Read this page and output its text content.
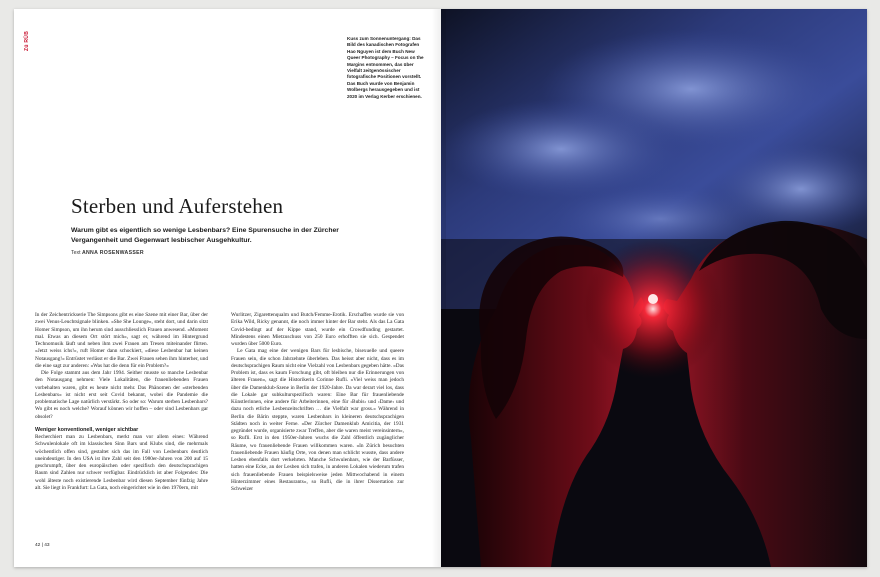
Zü RÜB	Kuss zum Sonnenuntergang: Das Bild des kanadischen Fotografen Hao Nguyen ist dem Buch New Queer Photography – Focus on the Margins entnommen, das über Vielfalt zeitgenössischer fotografische Positionen vorstellt. Das Buch wurde von Benjamin Wolbergs herausgegeben und ist 2020 im Verlag Kerber erschienen.
Sterben und Auferstehen
Warum gibt es eigentlich so wenige Lesbenbars? Eine Spurensuche in der Zürcher Vergangenheit und Gegenwart lesbischer Ausgehkultur.
Text ANNA ROSENWASSER

In der Zeichentrickserie The Simpsons gibt es eine Szene mit einer Bar, über der zwei Venus-Leuchtsignale blinken. «She She Lounge», steht dort, und darin sitzt Homer Simpson, um ihn herum sind ausschliesslich Frauen anwesend. «Moment mal. Etwas an diesem Ort stört mich», sagt er, während im Hintergrund Technomusik läuft und neben ihm zwei Frauen am Tresen miteinander flirten. «Jetzt weiss ichs!», ruft Homer dann schockiert, «diese Lesbenbar hat keinen Notausgang!» Entrüstet verlässt er die Bar. Zwei Frauen sehen ihm hinterher, und die eine sagt zur anderen: «Was hat die denn für ein Problem?»

Die Folge stammt aus dem Jahr 1994. Seither musste so manche Lesbenbar den Notausgang nehmen: Viele Lokalitäten, die frauenliebenden Frauen vorbehalten waren, gibt es heute nicht mehr. Das Phänomen der «sterbenden Lesbenbars» ist nicht erst seit Covid bekannt, wobei die Pandemie die problematische Lage natürlich verstärkt. So oder so: Warum sterben Lesbenbars? Wo gibt es noch welche? Worauf können wir hoffen – oder sind Lesbenbars gar obsolet?

Weniger konventionell, weniger sichtbar

Recherchiert man zu Lesbenbars, merkt man vor allem eines: Während Schwulenlokale oft im klassischen Sinn Bars und Klubs sind, die mehrmals wöchentlich offen sind, gestaltet sich das im Fall von Lesbenbars deutlich uneindeutiger. In den USA ist ihre Zahl seit den 1980er-Jahren von 200 auf 15 geschrumpft, über den europäischen oder spezifisch den deutschsprachigen Raum sind Zahlen nur schwer verfügbar. Eindrücklich ist aber Folgendes: Die wohl älteste noch existierende Lesbenbar wird diesen September fünfzig Jahre alt. Sie liegt in Frankfurt: La Gata, noch eingerichtet wie in den 1970ern, mit

Wurlitzer, Zigarettenqualm und Butch/Femme-Erotik. Erschaffen wurde sie von Erika Wild, Ricky genannt, die noch immer hinter der Bar steht. Als das La Gata Covid-bedingt auf der Kippe stand, wurde ein Crowdfunding gestartet. Mindestens einen Mietzuschuss von 250 Euro erhofften sie sich. Gespendet wurden über 5000 Euro.

Le Gata mag eine der wenigen Bars für lesbische, bisexuelle und queere Frauen sein, die schon Jahrzehnte überleben. Das heisst aber nicht, dass es im deutschsprachigen Raum nicht eine Vielzahl von Lesbenbars gegeben hätte. «Das Problem ist, dass es kaum Forschung gibt, oft bleiben nur die Erinnerungen von älteren Frauen», sagt die Historikerin Corinne Rufli. «Viel weiss man jedoch über die Damenklub-Szene in Berlin der 1920-Jahre. Da war derart viel los, dass die Lokale gar subkulturspezifisch waren: Eine Bar für frauenliebende Künstlerinnen, eine andere für Arbeiterinnen, eine für ‹Bubis› und ‹Dame› und dazu noch etliche Lesbenzeitschriften … die Vielfalt war gross.» Während in Berlin die Bärin steppte, waren Lesbenbars in kleineren deutschsprachigen Städten noch in weiter Ferne. «Der Zürcher Damenklub Amicitia, der 1931 gegründet wurde, organisierte zwar Treffen, aber die waren meist vereinsintern», so Rufli. Erst in den 1950er-Jahren wuchs die Zahl öffentlich zugänglicher Räume, wo frauenliebende Frauen willkommen waren. «In Zürich besuchten frauenliebende Frauen häufig Orte, von denen man schlicht wusste, dass andere Lesben ebenfalls dort verkehrten. Manche Schwulenbars, wie der Barfüsser, hatten eine Ecke, an der Lesben sich trafen, in anderen Lokalen wiederum trafen sich frauenliebende Frauen beispielsweise jeden Mittwochabend in einem Hinterzimmer eines Restaurants», so Rufli, die in ihrer Dissertation zur Schweizer

42 | 43
